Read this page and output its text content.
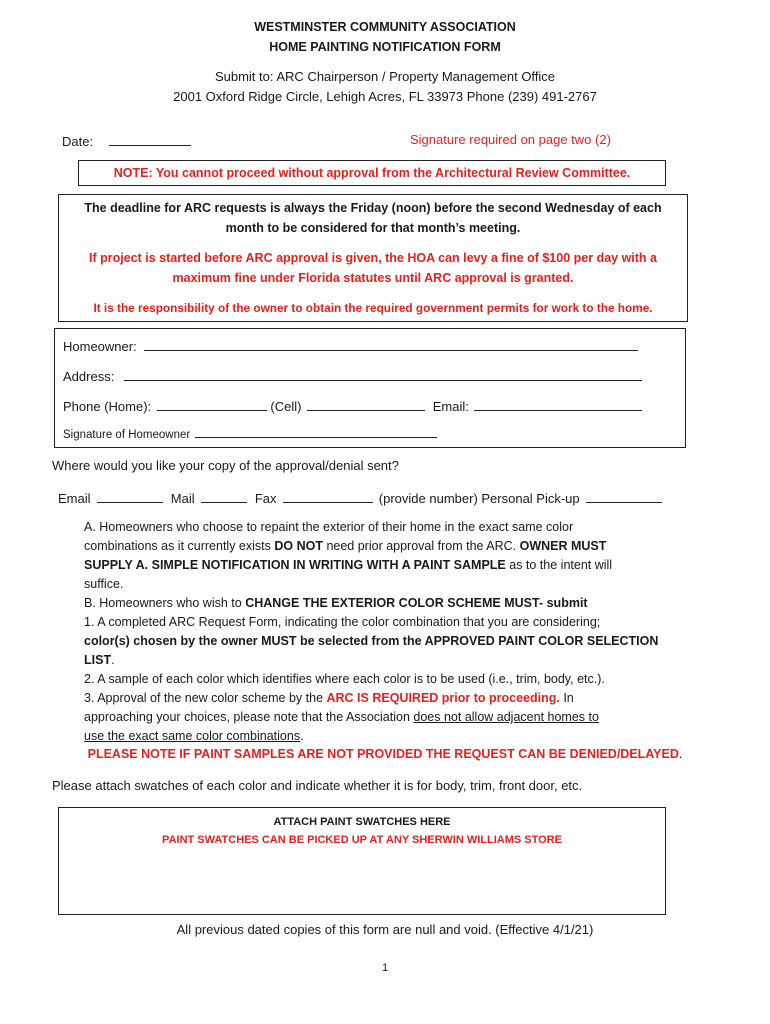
WESTMINSTER COMMUNITY ASSOCIATION
HOME PAINTING NOTIFICATION FORM
Submit to: ARC Chairperson / Property Management Office
2001 Oxford Ridge Circle, Lehigh Acres, FL 33973 Phone (239) 491-2767
Date:	Signature required on page two (2)
NOTE: You cannot proceed without approval from the Architectural Review Committee.
The deadline for ARC requests is always the Friday (noon) before the second Wednesday of each
month to be considered for that month’s meeting.
If project is started before ARC approval is given, the HOA can levy a fine of $100 per day with a
maximum fine under Florida statutes until ARC approval is granted.
It is the responsibility of the owner to obtain the required government permits for work to the home.
Homeowner:
Address:
Phone (Home):	(Cell)	Email:
Signature of Homeowner
Where would you like your copy of the approval/denial sent?
Email	Mail	Fax	(provide number) Personal Pick-up

A. Homeowners who choose to repaint the exterior of their home in the exact same color

combinations as it currently exists DO NOT need prior approval from the ARC. OWNER MUST

SUPPLY A. SIMPLE NOTIFICATION IN WRITING WITH A PAINT SAMPLE as to the intent will

suffice.

B. Homeowners who wish to CHANGE THE EXTERIOR COLOR SCHEME MUST- submit

1. A completed ARC Request Form, indicating the color combination that you are considering;

color(s) chosen by the owner MUST be selected from the APPROVED PAINT COLOR SELECTION

LIST.

2. A sample of each color which identifies where each color is to be used (i.e., trim, body, etc.).

3. Approval of the new color scheme by the ARC IS REQUIRED prior to proceeding. In

approaching your choices, please note that the Association does not allow adjacent homes to

use the exact same color combinations.

PLEASE NOTE IF PAINT SAMPLES ARE NOT PROVIDED THE REQUEST CAN BE DENIED/DELAYED.
Please attach swatches of each color and indicate whether it is for body, trim, front door, etc.
ATTACH PAINT SWATCHES HERE
PAINT SWATCHES CAN BE PICKED UP AT ANY SHERWIN WILLIAMS STORE
All previous dated copies of this form are null and void. (Effective 4/1/21)
1
